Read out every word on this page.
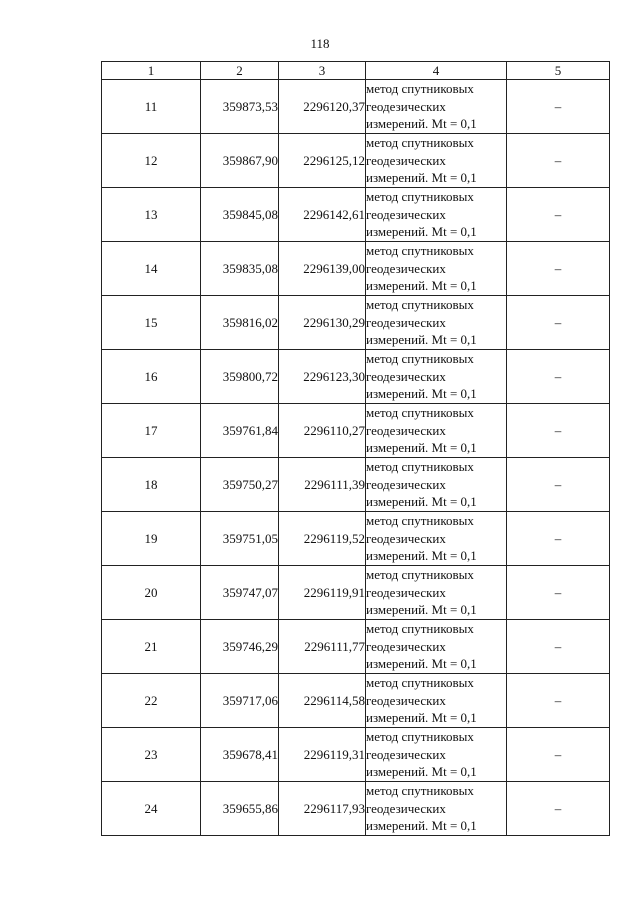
118
1	2	3	4	5
11	359873,53	2296120,37	метод спутниковых
геодезических
измерений. Mt = 0,1	–
12	359867,90	2296125,12	метод спутниковых
геодезических
измерений. Mt = 0,1	–
13	359845,08	2296142,61	метод спутниковых
геодезических
измерений. Mt = 0,1	–
14	359835,08	2296139,00	метод спутниковых
геодезических
измерений. Mt = 0,1	–
15	359816,02	2296130,29	метод спутниковых
геодезических
измерений. Mt = 0,1	–
16	359800,72	2296123,30	метод спутниковых
геодезических
измерений. Mt = 0,1	–
17	359761,84	2296110,27	метод спутниковых
геодезических
измерений. Mt = 0,1	–
18	359750,27	2296111,39	метод спутниковых
геодезических
измерений. Mt = 0,1	–
19	359751,05	2296119,52	метод спутниковых
геодезических
измерений. Mt = 0,1	–
20	359747,07	2296119,91	метод спутниковых
геодезических
измерений. Mt = 0,1	–
21	359746,29	2296111,77	метод спутниковых
геодезических
измерений. Mt = 0,1	–
22	359717,06	2296114,58	метод спутниковых
геодезических
измерений. Mt = 0,1	–
23	359678,41	2296119,31	метод спутниковых
геодезических
измерений. Mt = 0,1	–
24	359655,86	2296117,93	метод спутниковых
геодезических
измерений. Mt = 0,1	–
